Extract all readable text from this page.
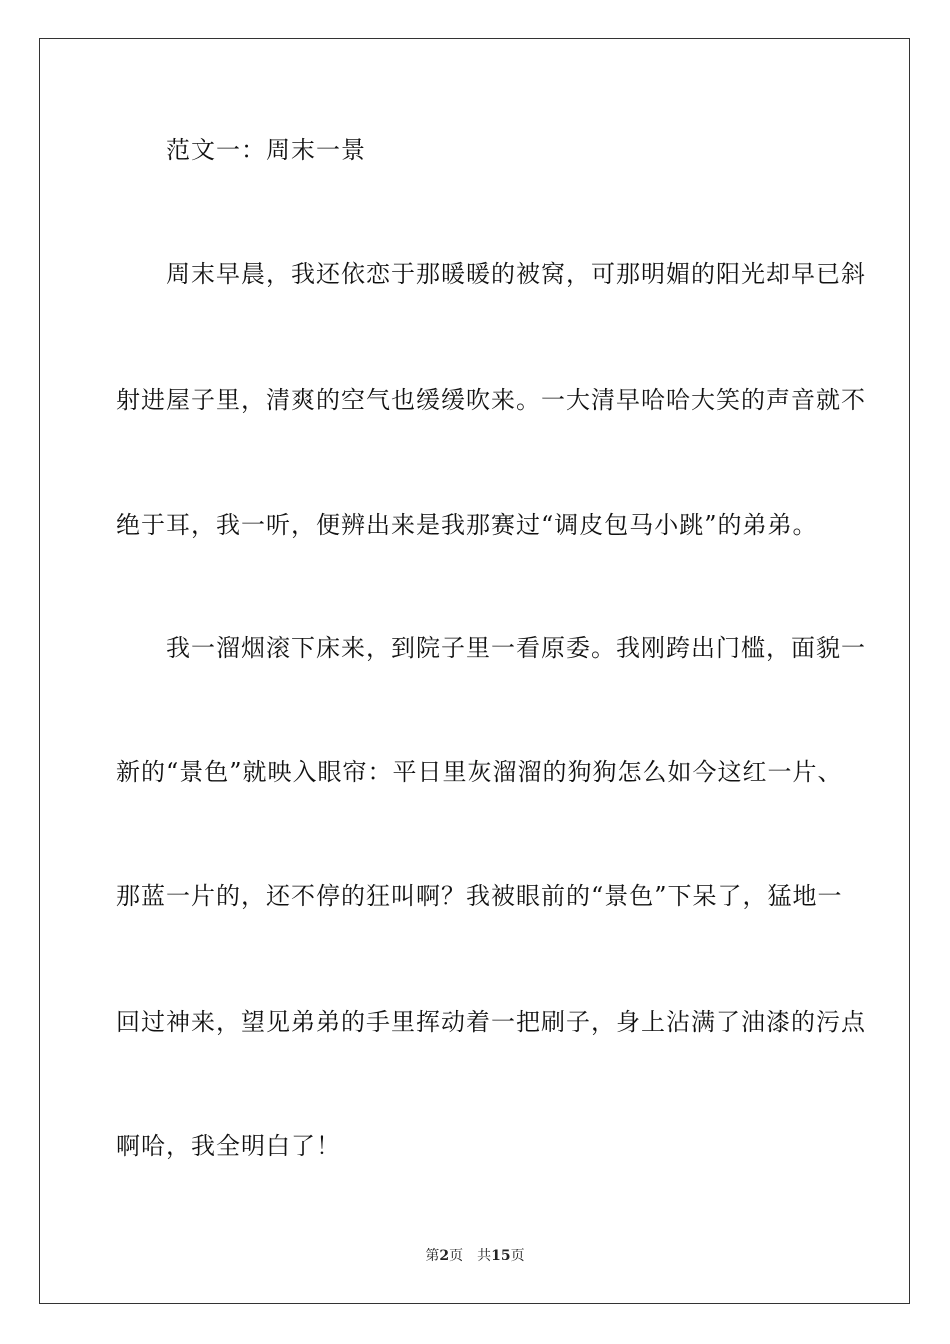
范文一：周末一景
周末早晨，我还依恋于那暖暖的被窝，可那明媚的阳光却早已斜
射进屋子里，清爽的空气也缓缓吹来。一大清早哈哈大笑的声音就不
绝于耳，我一听，便辨出来是我那赛过“调皮包马小跳”的弟弟。
我一溜烟滚下床来，到院子里一看原委。我刚跨出门槛，面貌一
新的“景色”就映入眼帘：平日里灰溜溜的狗狗怎么如今这红一片、
那蓝一片的，还不停的狂叫啊？我被眼前的“景色”下呆了，猛地一
回过神来，望见弟弟的手里挥动着一把刷子，身上沾满了油漆的污点
啊哈，我全明白了！
第2页 共15页
